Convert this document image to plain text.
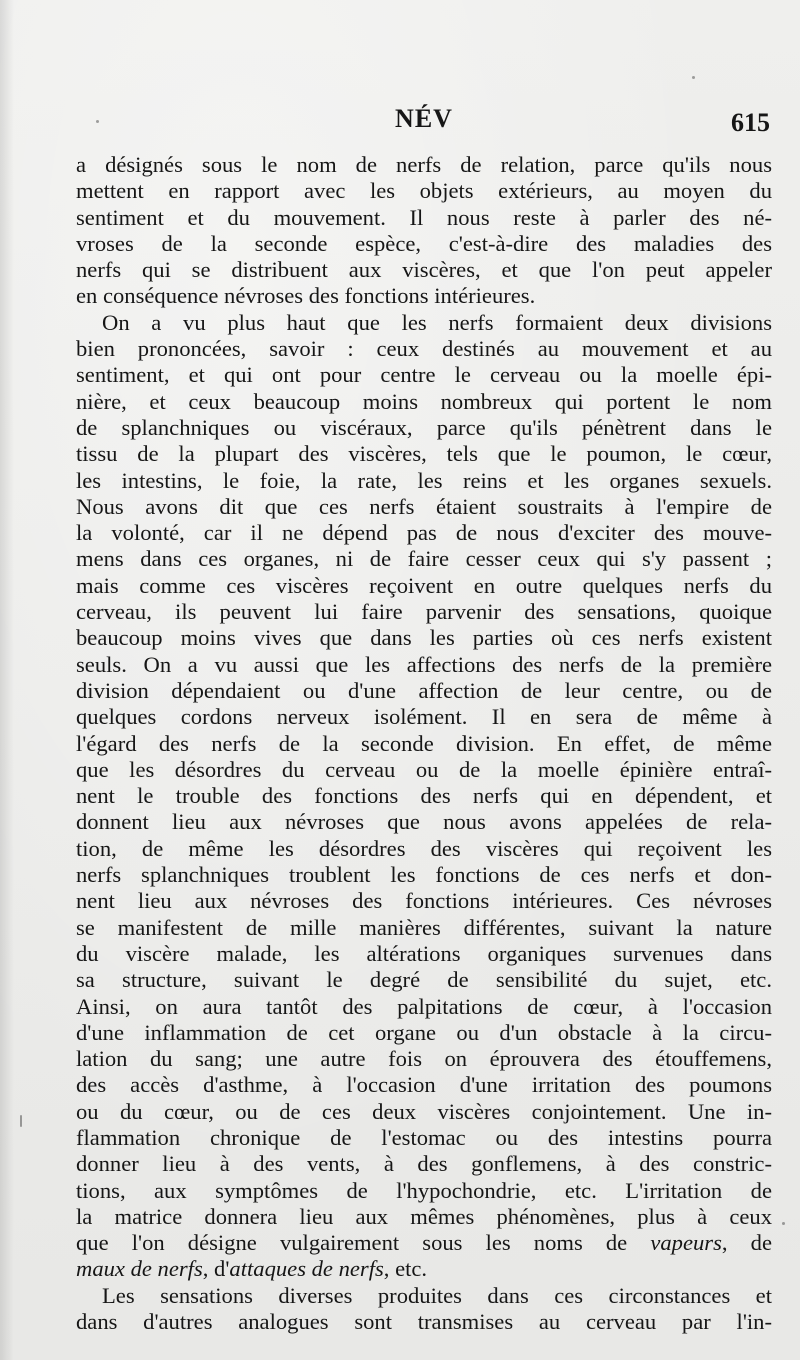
NÉV	615
a désignés sous le nom de nerfs de relation, parce qu'ils nous
mettent en rapport avec les objets extérieurs, au moyen du
sentiment et du mouvement. Il nous reste à parler des né-
vroses de la seconde espèce, c'est-à-dire des maladies des
nerfs qui se distribuent aux viscères, et que l'on peut appeler
en conséquence névroses des fonctions intérieures.
On a vu plus haut que les nerfs formaient deux divisions
bien prononcées, savoir : ceux destinés au mouvement et au
sentiment, et qui ont pour centre le cerveau ou la moelle épi-
nière, et ceux beaucoup moins nombreux qui portent le nom
de splanchniques ou viscéraux, parce qu'ils pénètrent dans le
tissu de la plupart des viscères, tels que le poumon, le cœur,
les intestins, le foie, la rate, les reins et les organes sexuels.
Nous avons dit que ces nerfs étaient soustraits à l'empire de
la volonté, car il ne dépend pas de nous d'exciter des mouve-
mens dans ces organes, ni de faire cesser ceux qui s'y passent ;
mais comme ces viscères reçoivent en outre quelques nerfs du
cerveau, ils peuvent lui faire parvenir des sensations, quoique
beaucoup moins vives que dans les parties où ces nerfs existent
seuls. On a vu aussi que les affections des nerfs de la première
division dépendaient ou d'une affection de leur centre, ou de
quelques cordons nerveux isolément. Il en sera de même à
l'égard des nerfs de la seconde division. En effet, de même
que les désordres du cerveau ou de la moelle épinière entraî-
nent le trouble des fonctions des nerfs qui en dépendent, et
donnent lieu aux névroses que nous avons appelées de rela-
tion, de même les désordres des viscères qui reçoivent les
nerfs splanchniques troublent les fonctions de ces nerfs et don-
nent lieu aux névroses des fonctions intérieures. Ces névroses
se manifestent de mille manières différentes, suivant la nature
du viscère malade, les altérations organiques survenues dans
sa structure, suivant le degré de sensibilité du sujet, etc.
Ainsi, on aura tantôt des palpitations de cœur, à l'occasion
d'une inflammation de cet organe ou d'un obstacle à la circu-
lation du sang; une autre fois on éprouvera des étouffemens,
des accès d'asthme, à l'occasion d'une irritation des poumons
ou du cœur, ou de ces deux viscères conjointement. Une in-
flammation chronique de l'estomac ou des intestins pourra
donner lieu à des vents, à des gonflemens, à des constric-
tions, aux symptômes de l'hypochondrie, etc. L'irritation de
la matrice donnera lieu aux mêmes phénomènes, plus à ceux
que l'on désigne vulgairement sous les noms de vapeurs, de
maux de nerfs, d'attaques de nerfs, etc.
Les sensations diverses produites dans ces circonstances et
dans d'autres analogues sont transmises au cerveau par l'in-
